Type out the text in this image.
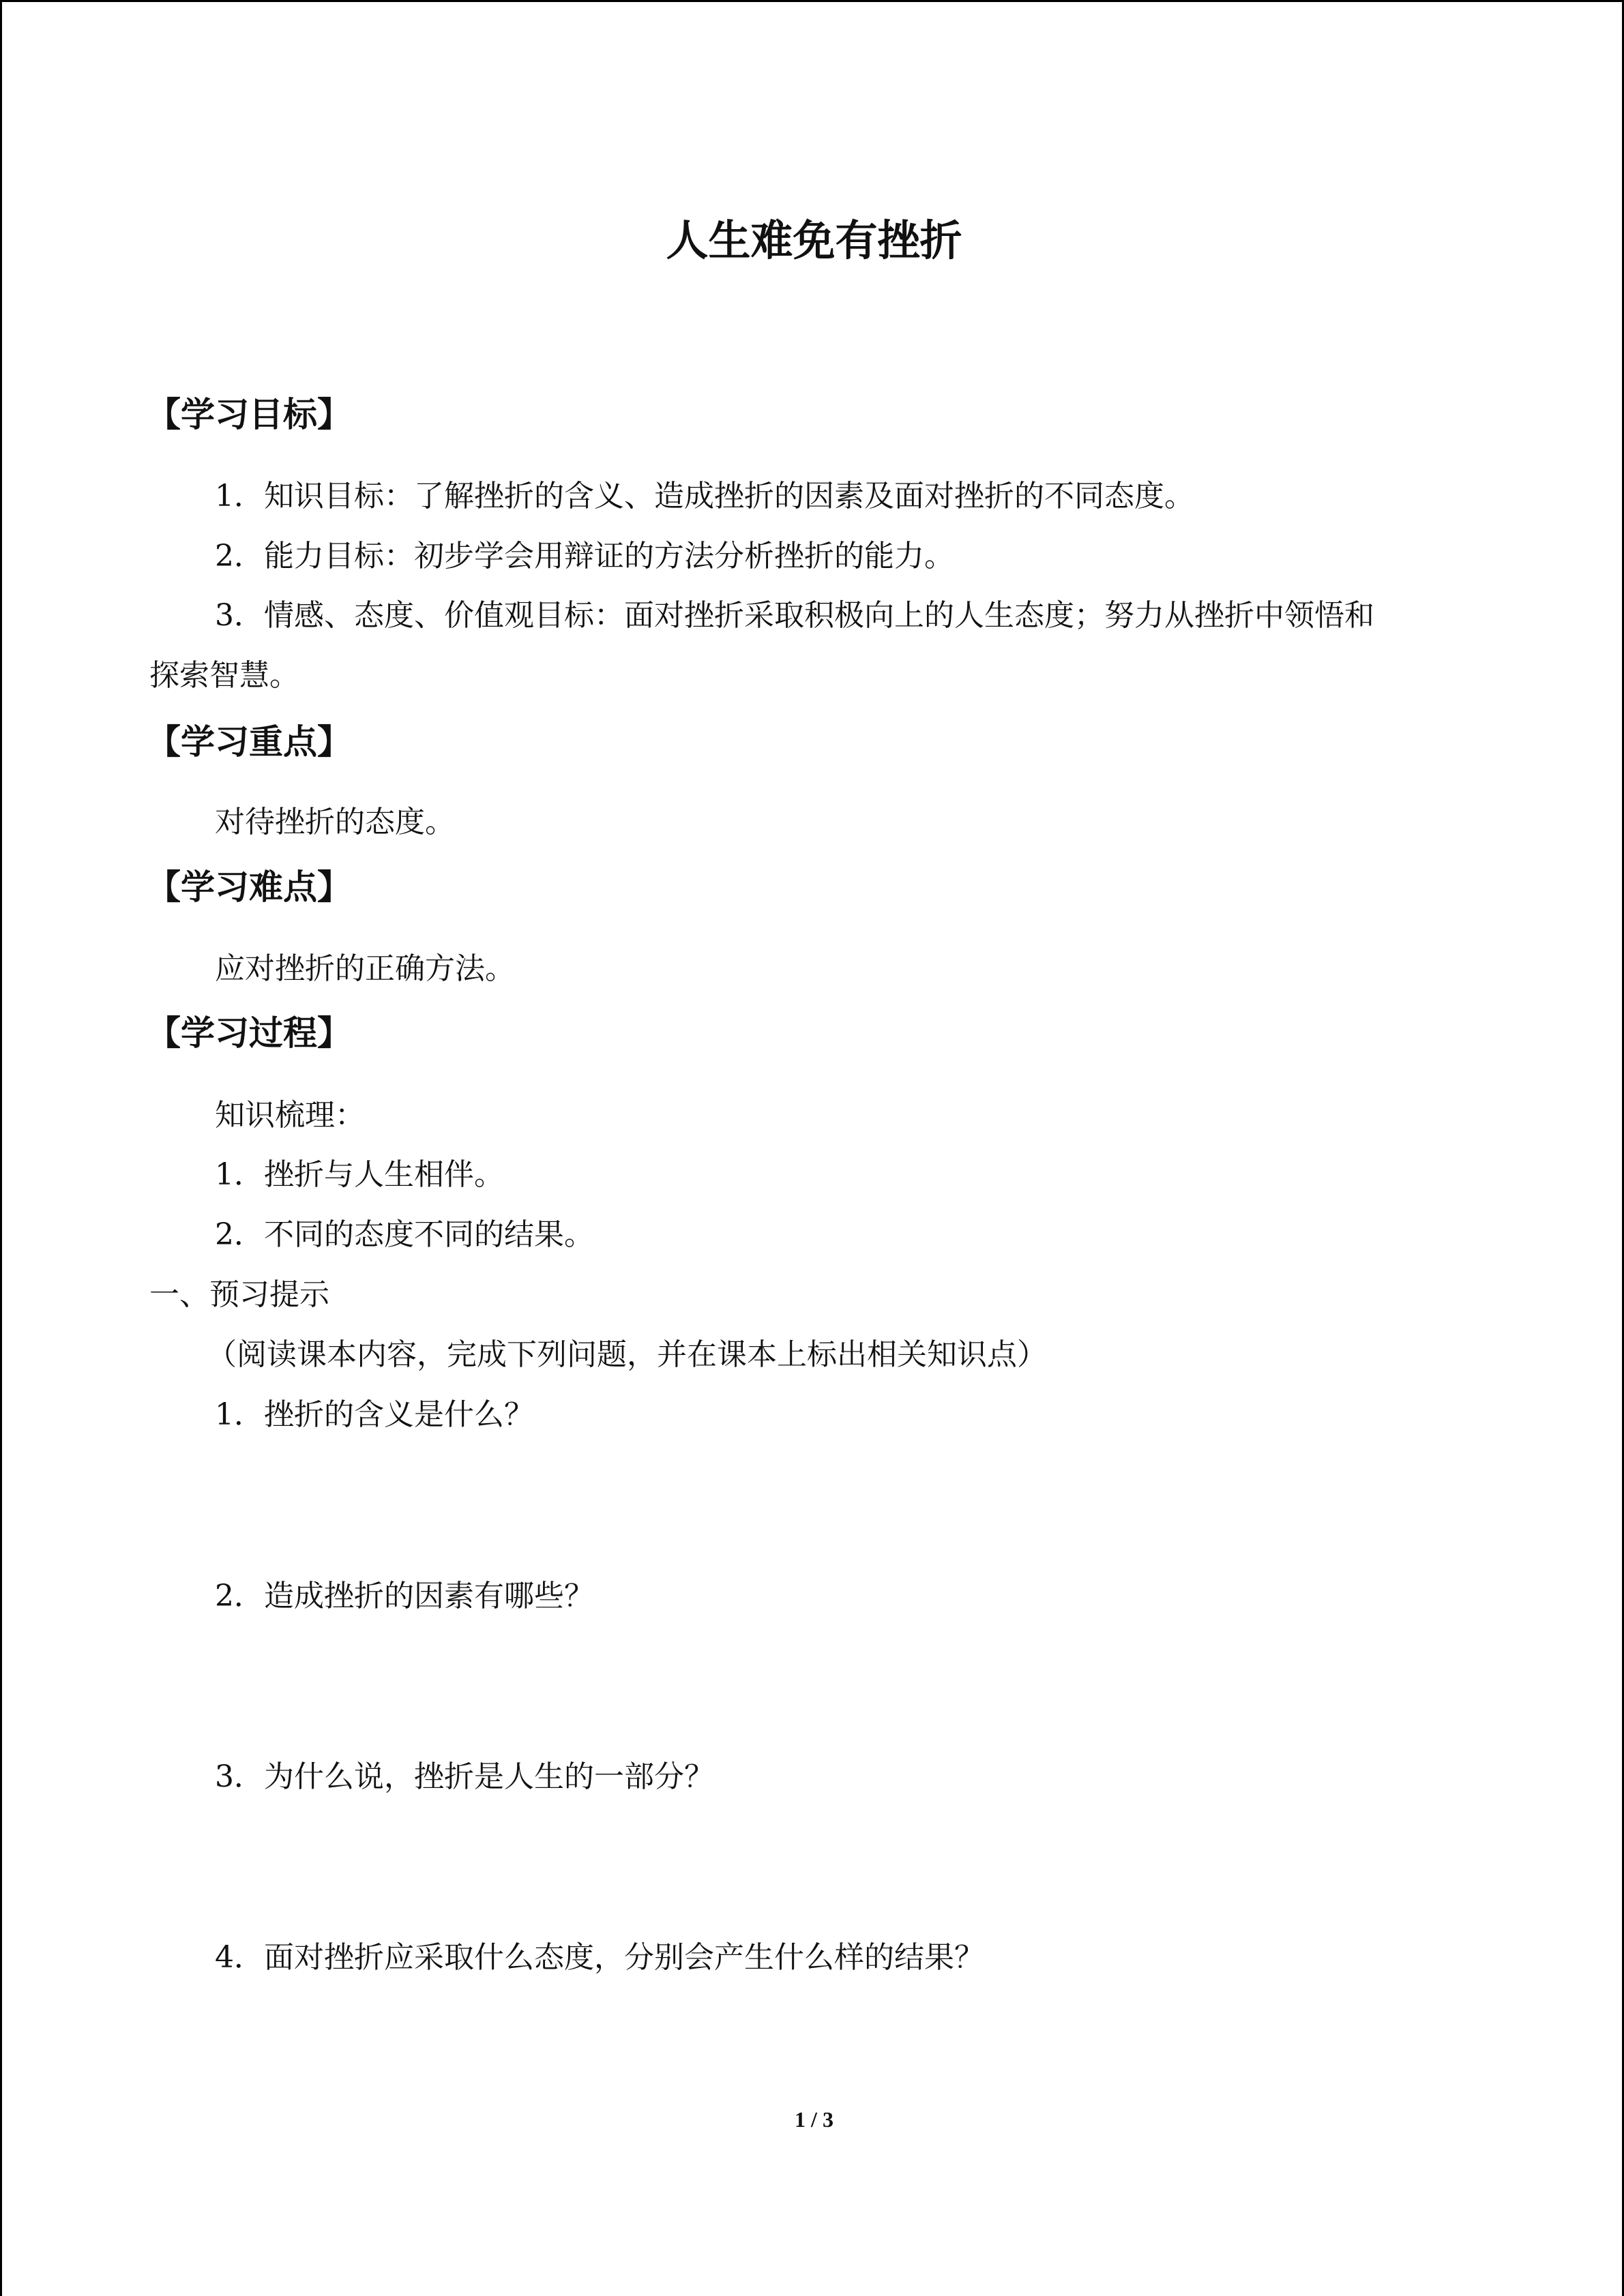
人生难免有挫折
【学习目标】
1．知识目标：了解挫折的含义、造成挫折的因素及面对挫折的不同态度。
2．能力目标：初步学会用辩证的方法分析挫折的能力。
3．情感、态度、价值观目标：面对挫折采取积极向上的人生态度；努力从挫折中领悟和
探索智慧。
【学习重点】
对待挫折的态度。
【学习难点】
应对挫折的正确方法。
【学习过程】
知识梳理：
1．挫折与人生相伴。
2．不同的态度不同的结果。
一、预习提示
（阅读课本内容，完成下列问题，并在课本上标出相关知识点）
1．挫折的含义是什么？
2．造成挫折的因素有哪些？
3．为什么说，挫折是人生的一部分？
4．面对挫折应采取什么态度，分别会产生什么样的结果？
1 / 3
